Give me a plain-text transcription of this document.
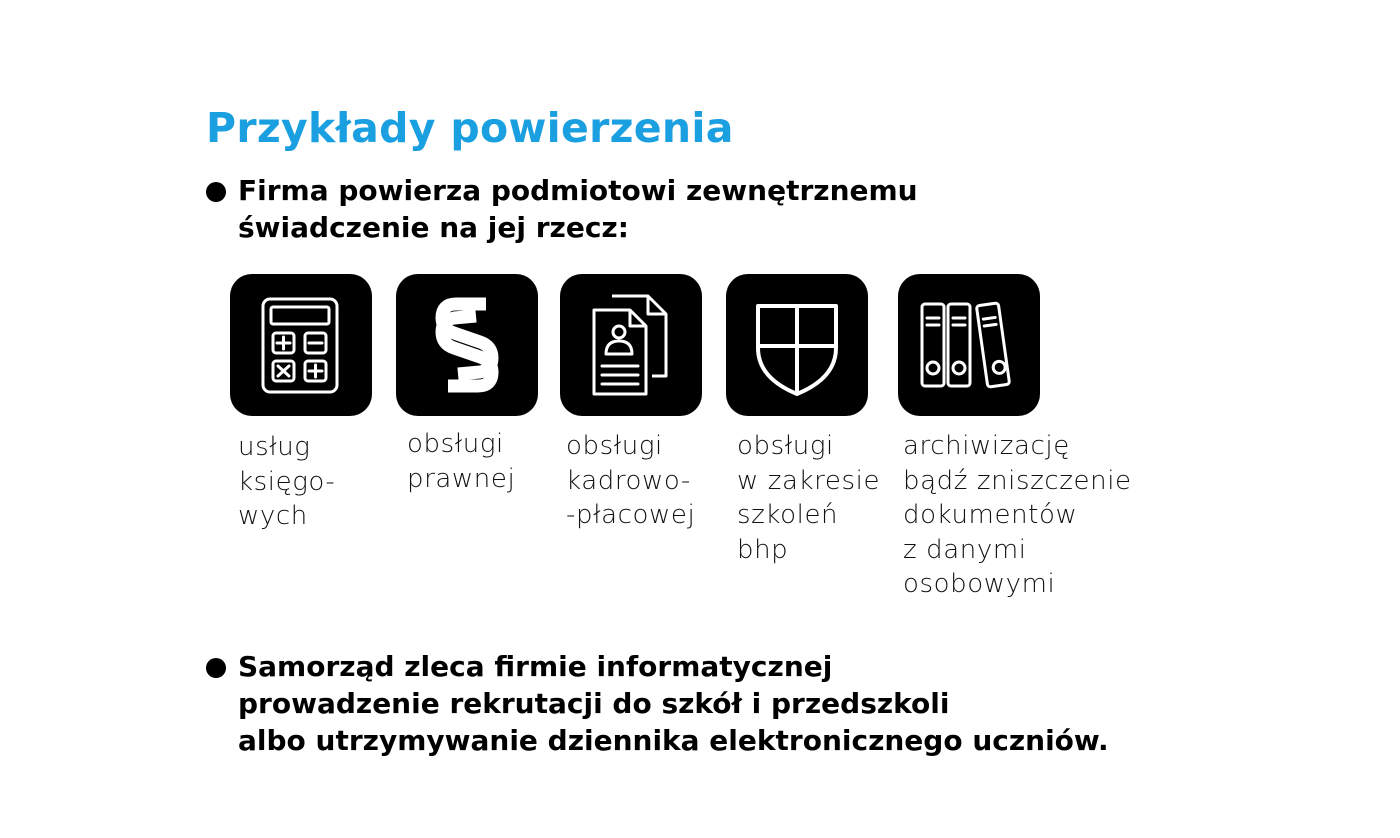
Przykłady powierzenia
Firma powierza podmiotowi zewnętrznemu
świadczenie na jej rzecz:
usług
księgo-
wych
obsługi
prawnej
obsługi
kadrowo-
-płacowej
obsługi
w zakresie
szkoleń
bhp
archiwizację
bądź zniszczenie
dokumentów
z danymi
osobowymi
Samorząd zleca firmie informatycznej
prowadzenie rekrutacji do szkół i przedszkoli
albo utrzymywanie dziennika elektronicznego uczniów.
